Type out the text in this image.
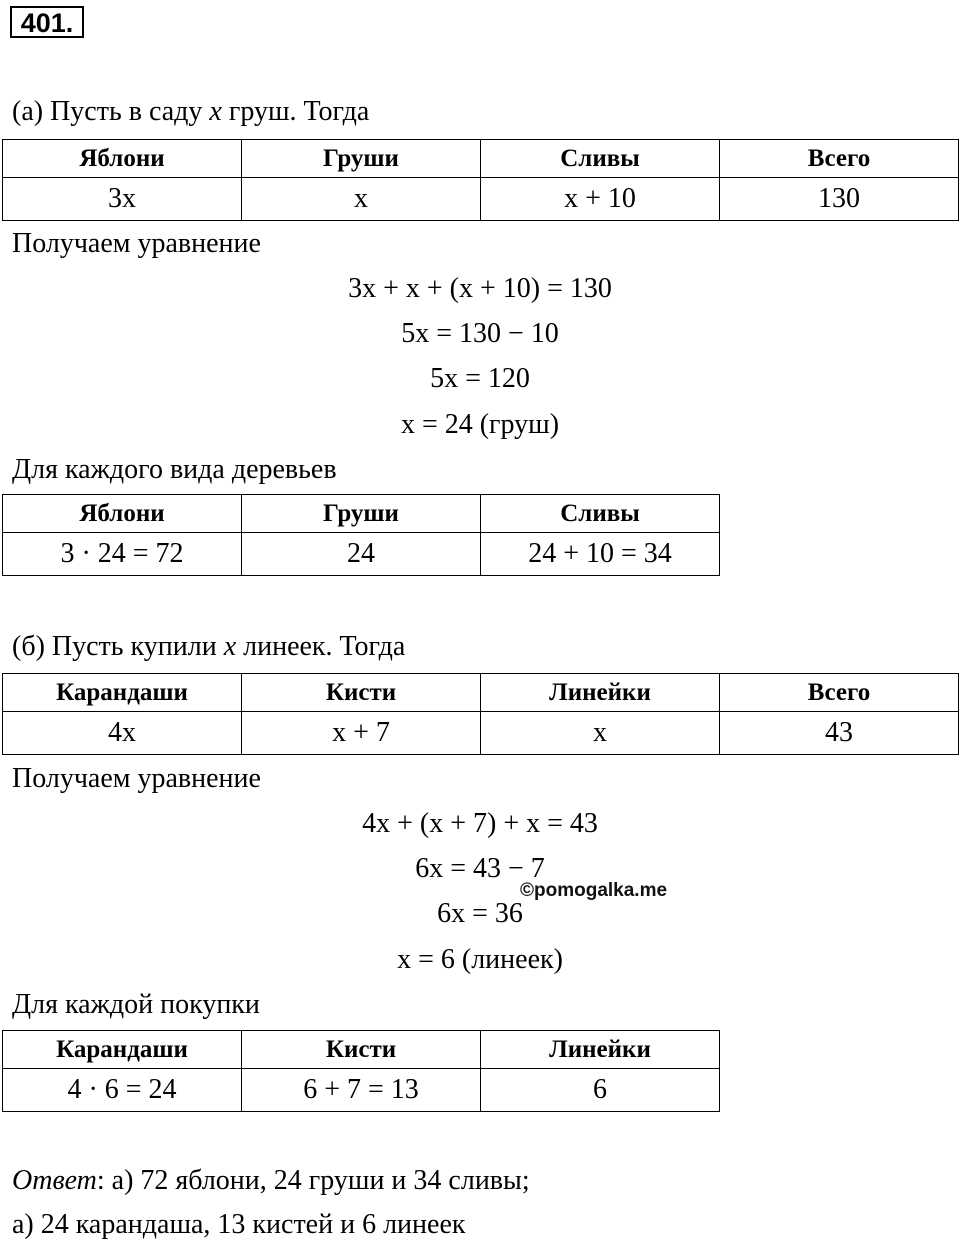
401.
(а) Пусть в саду x груш. Тогда
Яблони	Груши	Сливы	Всего
3x	x	x + 10	130
Получаем уравнение
3x + x + (x + 10) = 130
5x = 130 − 10
5x = 120
x = 24 (груш)
Для каждого вида деревьев
Яблони	Груши	Сливы
3 · 24 = 72	24	24 + 10 = 34
(б) Пусть купили x линеек. Тогда
Карандаши	Кисти	Линейки	Всего
4x	x + 7	x	43
Получаем уравнение
4x + (x + 7) + x = 43
6x = 43 − 7
6x = 36
x = 6 (линеек)
©pomogalka.me
Для каждой покупки
Карандаши	Кисти	Линейки
4 · 6 = 24	6 + 7 = 13	6
Ответ: а) 72 яблони, 24 груши и 34 сливы;
а) 24 карандаша, 13 кистей и 6 линеек
